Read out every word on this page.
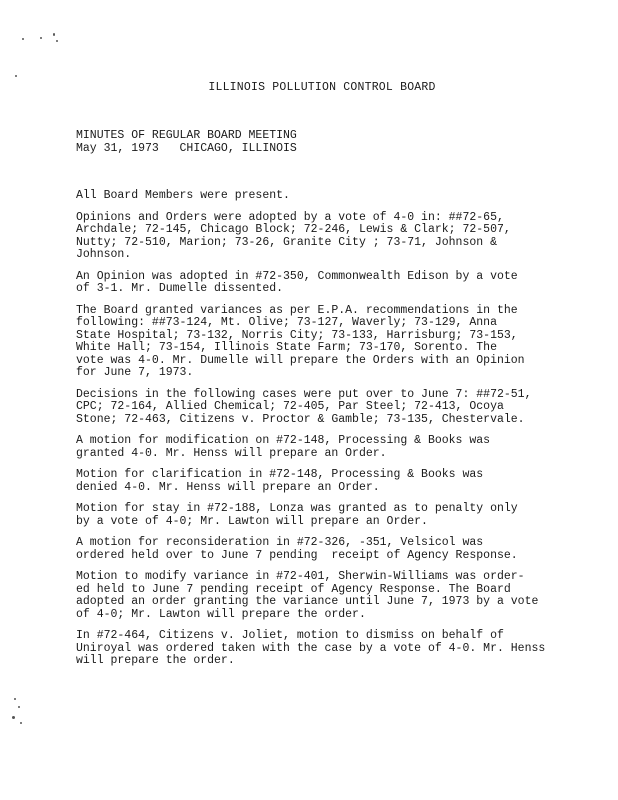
ILLINOIS POLLUTION CONTROL BOARD
MINUTES OF REGULAR BOARD MEETING
May 31, 1973   CHICAGO, ILLINOIS

All Board Members were present.

Opinions and Orders were adopted by a vote of 4-0 in: ##72-65,
Archdale; 72-145, Chicago Block; 72-246, Lewis & Clark; 72-507,
Nutty; 72-510, Marion; 73-26, Granite City ; 73-71, Johnson &
Johnson.

An Opinion was adopted in #72-350, Commonwealth Edison by a vote
of 3-1. Mr. Dumelle dissented.

The Board granted variances as per E.P.A. recommendations in the
following: ##73-124, Mt. Olive; 73-127, Waverly; 73-129, Anna
State Hospital; 73-132, Norris City; 73-133, Harrisburg; 73-153,
White Hall; 73-154, Illinois State Farm; 73-170, Sorento. The
vote was 4-0. Mr. Dumelle will prepare the Orders with an Opinion
for June 7, 1973.

Decisions in the following cases were put over to June 7: ##72-51,
CPC; 72-164, Allied Chemical; 72-405, Par Steel; 72-413, Ocoya
Stone; 72-463, Citizens v. Proctor & Gamble; 73-135, Chestervale.

A motion for modification on #72-148, Processing & Books was
granted 4-0. Mr. Henss will prepare an Order.

Motion for clarification in #72-148, Processing & Books was
denied 4-0. Mr. Henss will prepare an Order.

Motion for stay in #72-188, Lonza was granted as to penalty only
by a vote of 4-0; Mr. Lawton will prepare an Order.

A motion for reconsideration in #72-326, -351, Velsicol was
ordered held over to June 7 pending  receipt of Agency Response.

Motion to modify variance in #72-401, Sherwin-Williams was order-
ed held to June 7 pending receipt of Agency Response. The Board
adopted an order granting the variance until June 7, 1973 by a vote
of 4-0; Mr. Lawton will prepare the order.

In #72-464, Citizens v. Joliet, motion to dismiss on behalf of
Uniroyal was ordered taken with the case by a vote of 4-0. Mr. Henss
will prepare the order.
